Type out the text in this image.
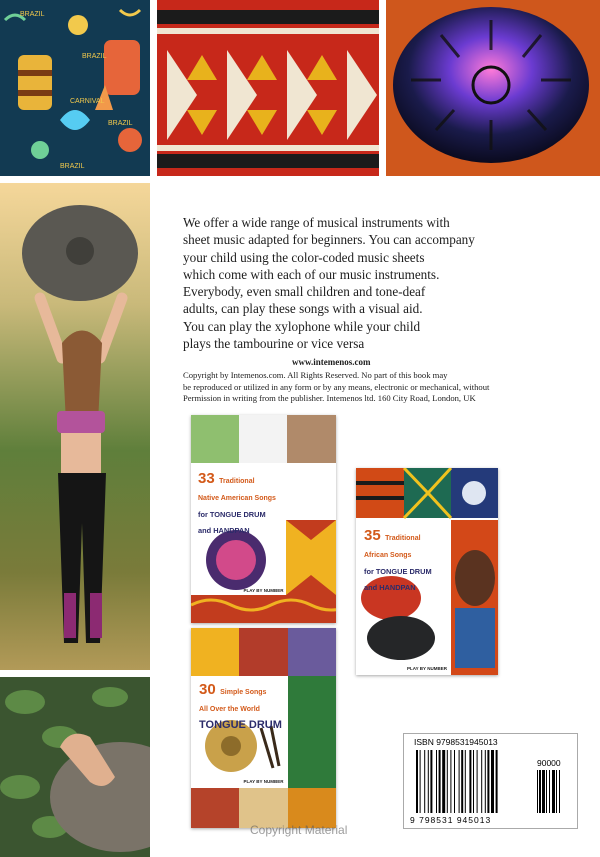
BRAZIL
BRAZIL
CARNIVAL
BRAZIL
BRAZIL
We offer a wide range of musical instruments with
sheet music adapted for beginners. You can accompany
your child using the color-coded music sheets
which come with each of our music instruments.
Everybody, even small children and tone-deaf
adults, can play these songs with a visual aid.
You can play the xylophone while your child
plays the tambourine or vice versa
www.intemenos.com
Copyright by Intemenos.com. All Rights Reserved. No part of this book may
be reproduced or utilized in any form or by any means, electronic or mechanical, without
Permission in writing from the publisher. Intemenos ltd. 160 City Road, London, UK
33 Traditional
Native American Songs
for TONGUE DRUM
and HANDPAN
PLAY BY NUMBER
35 Traditional
African Songs
for TONGUE DRUM
and HANDPAN
PLAY BY NUMBER
30 Simple Songs
All Over the World
TONGUE DRUM
PLAY BY NUMBER
ISBN 9798531945013
90000
9 798531 945013
Copyright Material
